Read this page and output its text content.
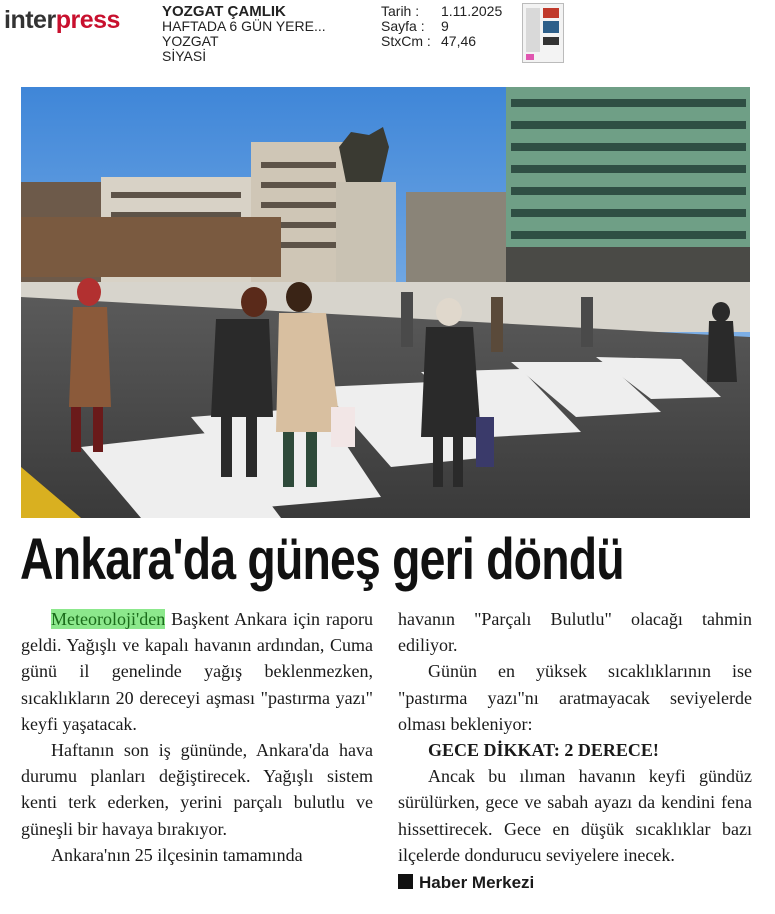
interpress	YOZGAT ÇAMLIK
HAFTADA 6 GÜN YERE...
YOZGAT
SİYASİ
Tarih :	1.11.2025
Sayfa :	9
StxCm : 47,46
Ankara'da güneş geri döndü

Meteoroloji'den Başkent Ankara için raporu geldi. Yağışlı ve kapalı havanın ardından, Cuma günü il genelinde yağış beklenmezken, sıcaklıkların 20 dereceyi aşması "pastırma yazı" keyfi yaşatacak.

Haftanın son iş gününde, Ankara'da hava durumu planları değiştirecek. Yağışlı sistem kenti terk ederken, yerini parçalı bulutlu ve güneşli bir havaya bırakıyor.

Ankara'nın 25 ilçesinin tamamında

havanın "Parçalı Bulutlu" olacağı tahmin ediliyor.

Günün en yüksek sıcaklıklarının ise "pastırma yazı"nı aratmayacak seviyelerde olması bekleniyor:

GECE DİKKAT: 2 DERECE!

Ancak bu ılıman havanın keyfi gündüz sürülürken, gece ve sabah ayazı da kendini fena hissettirecek. Gece en düşük sıcaklıklar bazı ilçelerde dondurucu seviyelere inecek.

Haber Merkezi
